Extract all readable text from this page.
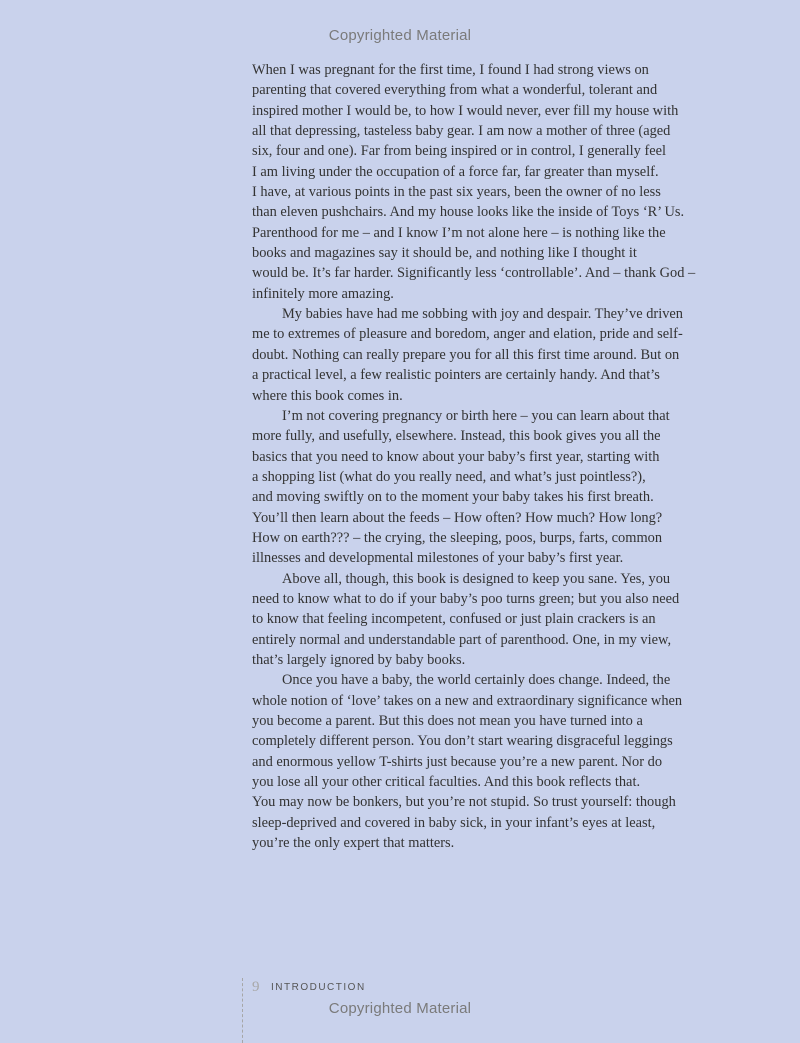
Copyrighted Material

When I was pregnant for the first time, I found I had strong views on
parenting that covered everything from what a wonderful, tolerant and
inspired mother I would be, to how I would never, ever fill my house with
all that depressing, tasteless baby gear. I am now a mother of three (aged
six, four and one). Far from being inspired or in control, I generally feel
I am living under the occupation of a force far, far greater than myself.
I have, at various points in the past six years, been the owner of no less
than eleven pushchairs. And my house looks like the inside of Toys ‘R’ Us.
Parenthood for me – and I know I’m not alone here – is nothing like the
books and magazines say it should be, and nothing like I thought it
would be. It’s far harder. Significantly less ‘controllable’. And – thank God –
infinitely more amazing.

My babies have had me sobbing with joy and despair. They’ve driven
me to extremes of pleasure and boredom, anger and elation, pride and self-
doubt. Nothing can really prepare you for all this first time around. But on
a practical level, a few realistic pointers are certainly handy. And that’s
where this book comes in.

I’m not covering pregnancy or birth here – you can learn about that
more fully, and usefully, elsewhere. Instead, this book gives you all the
basics that you need to know about your baby’s first year, starting with
a shopping list (what do you really need, and what’s just pointless?),
and moving swiftly on to the moment your baby takes his first breath.
You’ll then learn about the feeds – How often? How much? How long?
How on earth??? – the crying, the sleeping, poos, burps, farts, common
illnesses and developmental milestones of your baby’s first year.

Above all, though, this book is designed to keep you sane. Yes, you
need to know what to do if your baby’s poo turns green; but you also need
to know that feeling incompetent, confused or just plain crackers is an
entirely normal and understandable part of parenthood. One, in my view,
that’s largely ignored by baby books.

Once you have a baby, the world certainly does change. Indeed, the
whole notion of ‘love’ takes on a new and extraordinary significance when
you become a parent. But this does not mean you have turned into a
completely different person. You don’t start wearing disgraceful leggings
and enormous yellow T-shirts just because you’re a new parent. Nor do
you lose all your other critical faculties. And this book reflects that.
You may now be bonkers, but you’re not stupid. So trust yourself: though
sleep-deprived and covered in baby sick, in your infant’s eyes at least,
you’re the only expert that matters.

9 INTRODUCTION
Copyrighted Material
